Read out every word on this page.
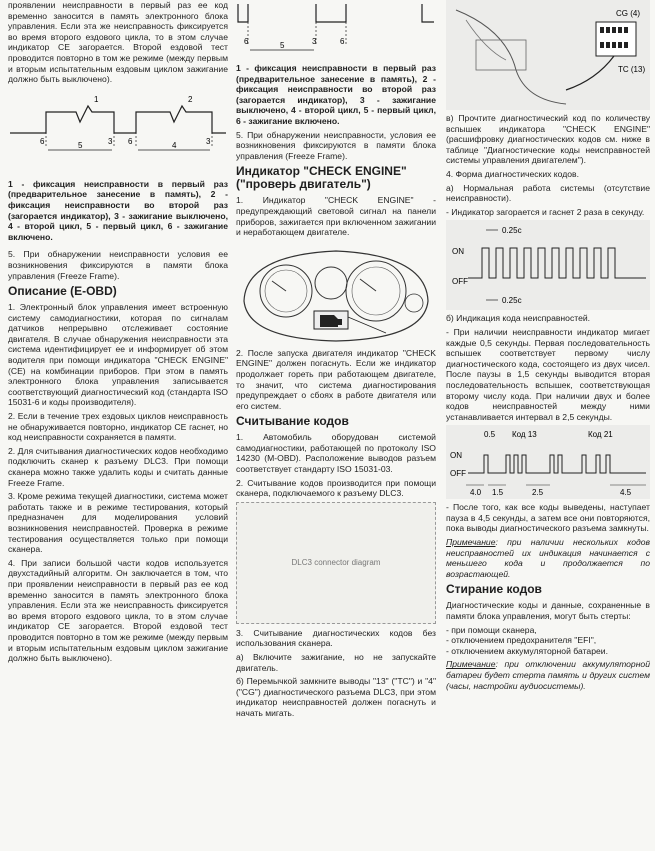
проявлении неисправности в первый раз ее код временно заносится в память электронного блока управления. Если эта же неисправность фиксируется во время второго ездового цикла, то в этом случае индикатор CE загорается. Второй ездовой тест проводится повторно в том же режиме (между первым и вторым испытательным ездовым циклом зажигание должно быть выключено).

6	5	3 6	4	3
1	2

1 - фиксация неисправности в первый раз (предварительное занесение в память), 2 - фиксация неисправности во второй раз (загорается индикатор), 3 - зажигание выключено, 4 - второй цикл, 5 - первый цикл, 6 - зажигание включено.

5. При обнаружении неисправности условия ее возникновения фиксируются в памяти блока управления (Freeze Frame).

Описание (E-OBD)

1. Электронный блок управления имеет встроенную систему самодиагностики, которая по сигналам датчиков непрерывно отслеживает состояние двигателя. В случае обнаружения неисправности эта система идентифицирует ее и информирует об этом водителя при помощи индикатора "CHECK ENGINE" (CE) на комбинации приборов. При этом в память электронного блока управления записывается соответствующий диагностический код (стандарта ISO 15031-6 и коды производителя).

2. Если в течение трех ездовых циклов неисправность не обнаруживается повторно, индикатор CE гаснет, но код неисправности сохраняется в памяти.

2. Для считывания диагностических кодов необходимо подключить сканер к разъему DLC3. При помощи сканера можно также удалить коды и считать данные Freeze Frame.

3. Кроме режима текущей диагностики, система может работать также и в режиме тестирования, который предназначен для моделирования условий возникновения неисправностей. Проверка в режиме тестирования осуществляется только при помощи сканера.

4. При записи большой части кодов используется двухстадийный алгоритм. Он заключается в том, что при проявлении неисправности в первый раз ее код временно заносится в память электронного блока управления. Если эта же неисправность фиксируется во время второго ездового цикла, то в этом случае индикатор CE загорается. Второй ездовой тест проводится повторно в том же режиме (между первым и вторым испытательным ездовым циклом зажигание должно быть выключено).

6	5	3	6

1 - фиксация неисправности в первый раз (предварительное занесение в память), 2 - фиксация неисправности во второй раз (загорается индикатор), 3 - зажигание выключено, 4 - второй цикл, 5 - первый цикл, 6 - зажигание включено.

5. При обнаружении неисправности, условия ее возникновения фиксируются в памяти блока управления (Freeze Frame).

Индикатор "CHECK ENGINE" ("проверь двигатель")

1. Индикатор "CHECK ENGINE" - предупреждающий световой сигнал на панели приборов, зажигается при включенном зажигании и неработающем двигателе.

2. После запуска двигателя индикатор "CHECK ENGINE" должен погаснуть. Если же индикатор продолжает гореть при работающем двигателе, то значит, что система диагностирования предупреждает о сбоях в работе двигателя или его систем.

Считывание кодов

1. Автомобиль оборудован системой самодиагностики, работающей по протоколу ISO 14230 (M-OBD). Расположение выводов разъем соответствует стандарту ISO 15031-03.

2. Считывание кодов производится при помощи сканера, подключаемого к разъему DLC3.

DLC3 connector diagram

3. Считывание диагностических кодов без использования сканера.

а) Включите зажигание, но не запускайте двигатель.

б) Перемычкой замкните выводы "13" ("TC") и "4" ("CG") диагностического разъема DLC3, при этом индикатор неисправностей должен погаснуть и начать мигать.

CG (4)
TC (13)

в) Прочтите диагностический код по количеству вспышек индикатора "CHECK ENGINE" (расшифровку диагностических кодов см. ниже в таблице "Диагностические коды неисправностей системы управления двигателем").

4. Форма диагностических кодов.

а) Нормальная работа системы (отсутствие неисправности).

- Индикатор загорается и гаснет 2 раза в секунду.

ON
OFF
0.25c
0.25c

б) Индикация кода неисправностей.

- При наличии неисправности индикатор мигает каждые 0,5 секунды. Первая последовательность вспышек соответствует первому числу диагностического кода, состоящего из двух чисел. После паузы в 1,5 секунды выводится вторая последовательность вспышек, соответствующая второму числу кода. При наличии двух и более кодов неисправностей между ними устанавливается интервал в 2,5 секунды.

ON
OFF
0.5 Код 13	Код 21
4.0 1.5	2.5	4.5

- После того, как все коды выведены, наступает пауза в 4,5 секунды, а затем все они повторяются, пока выводы диагностического разъема замкнуты.

Примечание: при наличии нескольких кодов неисправностей их индикация начинается с меньшего кода и продолжается по возрастающей.

Стирание кодов

Диагностические коды и данные, сохраненные в памяти блока управления, могут быть стерты:

- при помощи сканера,

- отключением предохранителя "EFI",

- отключением аккумуляторной батареи.

Примечание: при отключении аккумуляторной батареи будет стерта память и других систем (часы, настройки аудиосистемы).
